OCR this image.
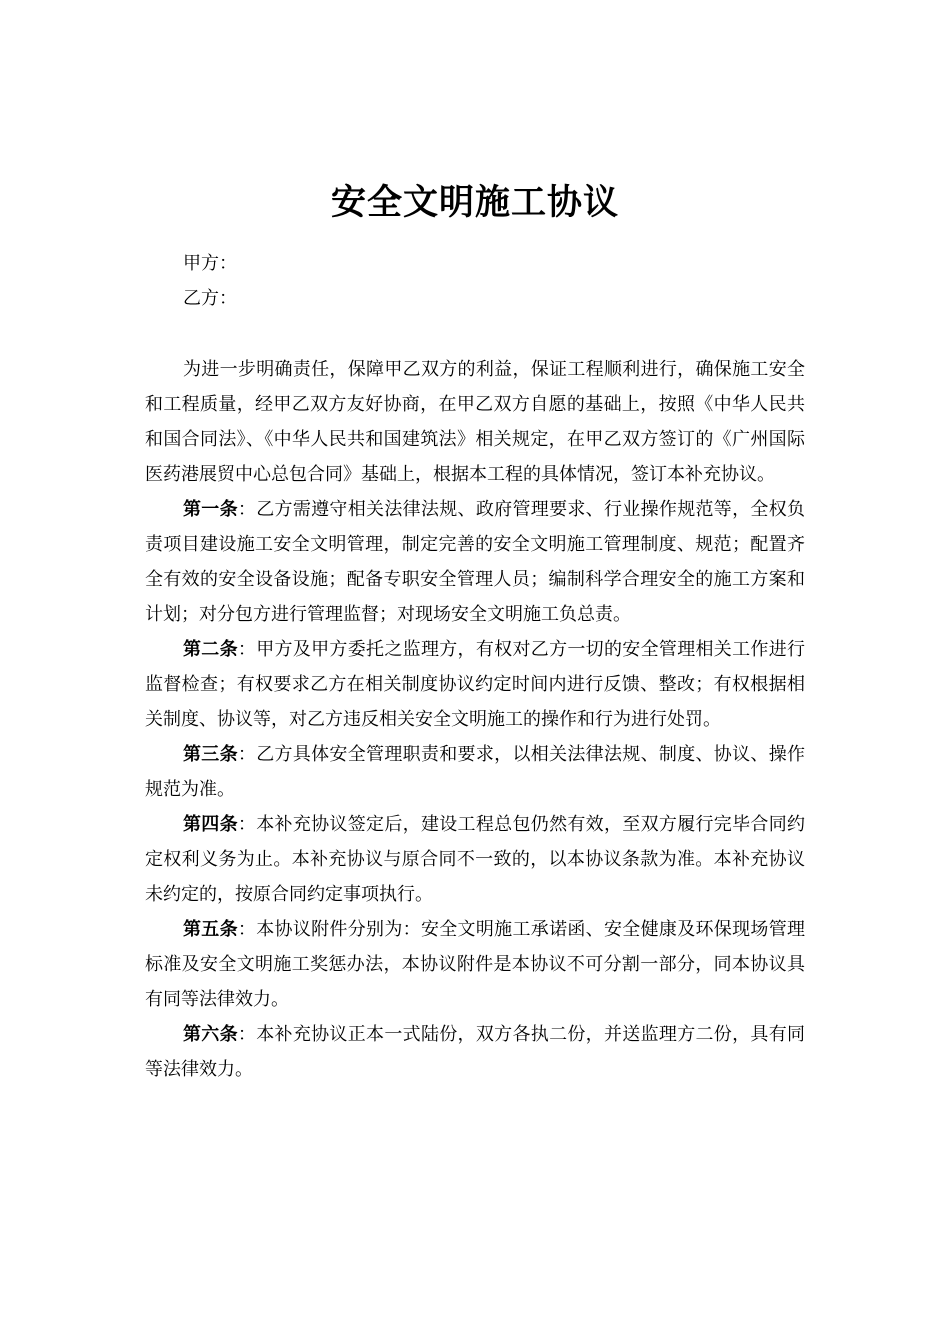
安全文明施工协议
甲方：
乙方：

为进一步明确责任，保障甲乙双方的利益，保证工程顺利进行，确保施工安全和工程质量，经甲乙双方友好协商，在甲乙双方自愿的基础上，按照《中华人民共和国合同法》、《中华人民共和国建筑法》相关规定，在甲乙双方签订的《广州国际医药港展贸中心总包合同》基础上，根据本工程的具体情况，签订本补充协议。

第一条：乙方需遵守相关法律法规、政府管理要求、行业操作规范等，全权负责项目建设施工安全文明管理，制定完善的安全文明施工管理制度、规范；配置齐全有效的安全设备设施；配备专职安全管理人员；编制科学合理安全的施工方案和计划；对分包方进行管理监督；对现场安全文明施工负总责。

第二条：甲方及甲方委托之监理方，有权对乙方一切的安全管理相关工作进行监督检查；有权要求乙方在相关制度协议约定时间内进行反馈、整改；有权根据相关制度、协议等，对乙方违反相关安全文明施工的操作和行为进行处罚。

第三条：乙方具体安全管理职责和要求，以相关法律法规、制度、协议、操作规范为准。

第四条：本补充协议签定后，建设工程总包仍然有效，至双方履行完毕合同约定权利义务为止。本补充协议与原合同不一致的，以本协议条款为准。本补充协议未约定的，按原合同约定事项执行。

第五条：本协议附件分别为：安全文明施工承诺函、安全健康及环保现场管理标准及安全文明施工奖惩办法，本协议附件是本协议不可分割一部分，同本协议具有同等法律效力。

第六条：本补充协议正本一式陆份，双方各执二份，并送监理方二份，具有同等法律效力。
